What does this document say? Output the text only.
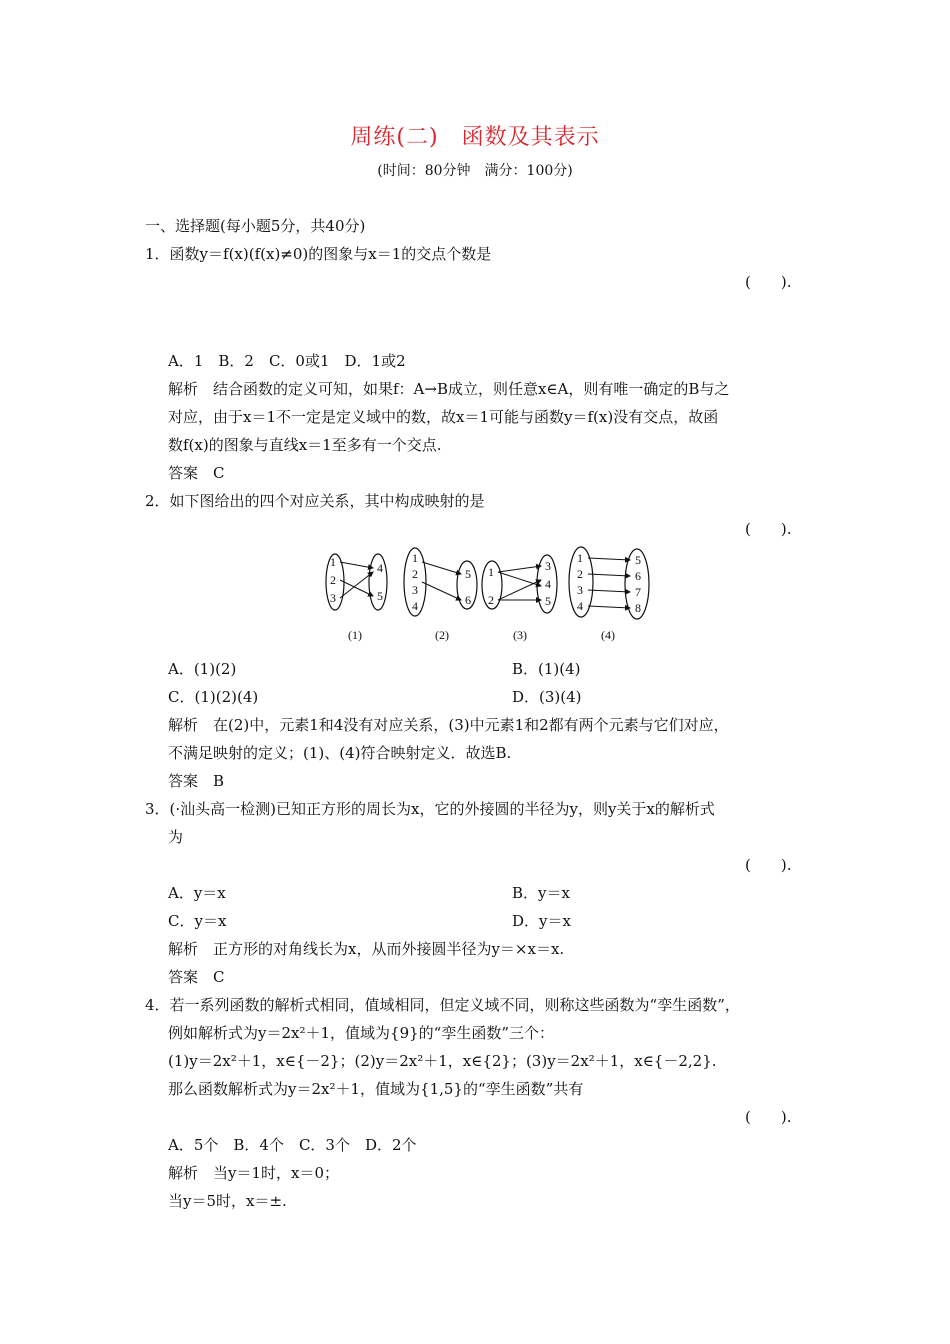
周练(二)　函数及其表示
(时间：80分钟　满分：100分)
一、选择题(每小题5分，共40分)
1．函数y＝f(x)(f(x)≠0)的图象与x＝1的交点个数是
(　　).
A．1　B．2　C．0或1　D．1或2
解析　结合函数的定义可知，如果f：A→B成立，则任意x∈A，则有唯一确定的B与之
对应，由于x＝1不一定是定义域中的数，故x＝1可能与函数y＝f(x)没有交点，故函
数f(x)的图象与直线x＝1至多有一个交点.
答案　C
2．如下图给出的四个对应关系，其中构成映射的是
(　　).
1
2
3
4
5
1
2
3
4
5
6
1
2
3
4
5
1
2
3
4
5
6
7
8
(1)	(2)	(3)	(4)
A．(1)(2)	B．(1)(4)
C．(1)(2)(4)	D．(3)(4)
解析　在(2)中，元素1和4没有对应关系，(3)中元素1和2都有两个元素与它们对应，
不满足映射的定义；(1)、(4)符合映射定义．故选B.
答案　B
3．(·汕头高一检测)已知正方形的周长为x，它的外接圆的半径为y，则y关于x的解析式
为
(　　).
A．y＝x	B．y＝x
C．y＝x	D．y＝x
解析　正方形的对角线长为x，从而外接圆半径为y＝×x＝x.
答案　C
4．若一系列函数的解析式相同，值域相同，但定义域不同，则称这些函数为“孪生函数”，
例如解析式为y＝2x²＋1，值域为{9}的“孪生函数”三个：
(1)y＝2x²＋1，x∈{－2}；(2)y＝2x²＋1，x∈{2}；(3)y＝2x²＋1，x∈{－2,2}.
那么函数解析式为y＝2x²＋1，值域为{1,5}的“孪生函数”共有
(　　).
A．5个　B．4个　C．3个　D．2个
解析　当y＝1时，x＝0；
当y＝5时，x＝±.
